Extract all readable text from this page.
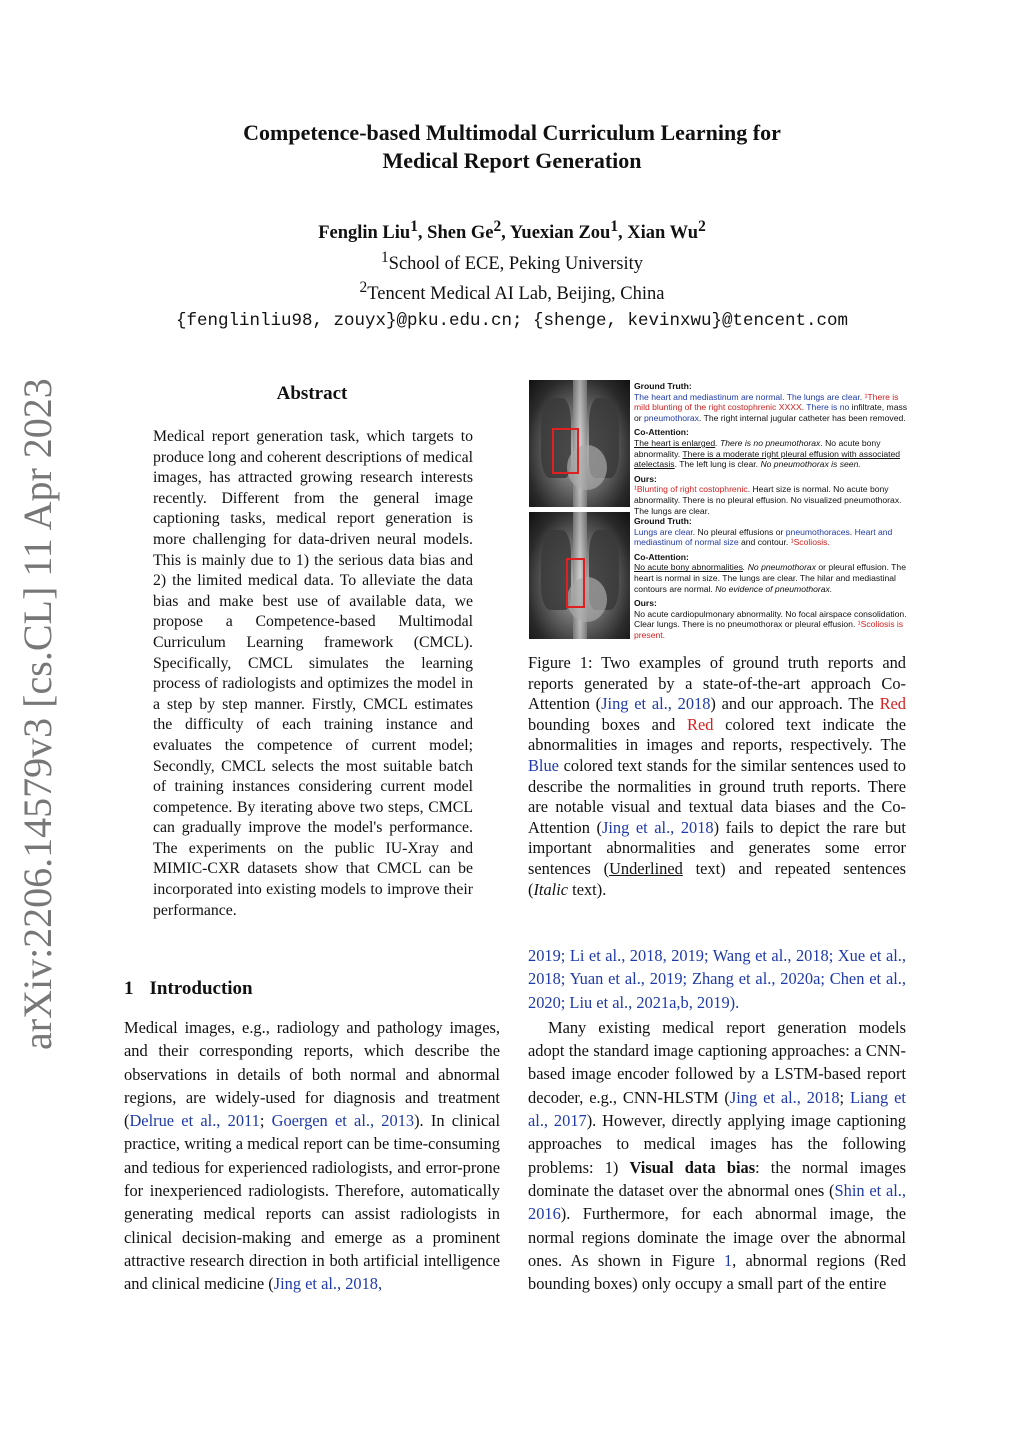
arXiv:2206.14579v3 [cs.CL] 11 Apr 2023
Competence-based Multimodal Curriculum Learning for
Medical Report Generation
Fenglin Liu$^1$, Shen Ge$^2$, Yuexian Zou$^1$, Xian Wu$^2$
$^1$School of ECE, Peking University
$^2$Tencent Medical AI Lab, Beijing, China
{fenglinliu98, zouyx}@pku.edu.cn; {shenge, kevinxwu}@tencent.com
Abstract
Medical report generation task, which targets to produce long and coherent descriptions of medical images, has attracted growing research interests recently. Different from the general image captioning tasks, medical report generation is more challenging for data-driven neural models. This is mainly due to 1) the serious data bias and 2) the limited medical data. To alleviate the data bias and make best use of available data, we propose a Competence-based Multimodal Curriculum Learning framework (CMCL). Specifically, CMCL simulates the learning process of radiologists and optimizes the model in a step by step manner. Firstly, CMCL estimates the difficulty of each training instance and evaluates the competence of current model; Secondly, CMCL selects the most suitable batch of training instances considering current model competence. By iterating above two steps, CMCL can gradually improve the model's performance. The experiments on the public IU-Xray and MIMIC-CXR datasets show that CMCL can be incorporated into existing models to improve their performance.
1 Introduction
Medical images, e.g., radiology and pathology images, and their corresponding reports, which describe the observations in details of both normal and abnormal regions, are widely-used for diagnosis and treatment (Delrue et al., 2011; Goergen et al., 2013). In clinical practice, writing a medical report can be time-consuming and tedious for experienced radiologists, and error-prone for inexperienced radiologists. Therefore, automatically generating medical reports can assist radiologists in clinical decision-making and emerge as a prominent attractive research direction in both artificial intelligence and clinical medicine (Jing et al., 2018,
Ground Truth:
The heart and mediastinum are normal. The lungs are clear. ¹There is mild blunting of the right costophrenic XXXX. There is no infiltrate, mass or pneumothorax. The right internal jugular catheter has been removed.
Co-Attention:
The heart is enlarged. There is no pneumothorax. No acute bony abnormality. There is a moderate right pleural effusion with associated atelectasis. The left lung is clear. No pneumothorax is seen.
Ours:
¹Blunting of right costophrenic. Heart size is normal. No acute bony abnormality. There is no pleural effusion. No visualized pneumothorax. The lungs are clear.
Ground Truth:
Lungs are clear. No pleural effusions or pneumothoraces. Heart and mediastinum of normal size and contour. ¹Scoliosis.
Co-Attention:
No acute bony abnormalities. No pneumothorax or pleural effusion. The heart is normal in size. The lungs are clear. The hilar and mediastinal contours are normal. No evidence of pneumothorax.
Ours:
No acute cardiopulmonary abnormality. No focal airspace consolidation. Clear lungs. There is no pneumothorax or pleural effusion. ¹Scoliosis is present.
Figure 1: Two examples of ground truth reports and reports generated by a state-of-the-art approach Co-Attention (Jing et al., 2018) and our approach. The Red bounding boxes and Red colored text indicate the abnormalities in images and reports, respectively. The Blue colored text stands for the similar sentences used to describe the normalities in ground truth reports. There are notable visual and textual data biases and the Co-Attention (Jing et al., 2018) fails to depict the rare but important abnormalities and generates some error sentences (Underlined text) and repeated sentences (Italic text).

2019; Li et al., 2018, 2019; Wang et al., 2018; Xue et al., 2018; Yuan et al., 2019; Zhang et al., 2020a; Chen et al., 2020; Liu et al., 2021a,b, 2019).

Many existing medical report generation models adopt the standard image captioning approaches: a CNN-based image encoder followed by a LSTM-based report decoder, e.g., CNN-HLSTM (Jing et al., 2018; Liang et al., 2017). However, directly applying image captioning approaches to medical images has the following problems: 1) Visual data bias: the normal images dominate the dataset over the abnormal ones (Shin et al., 2016). Furthermore, for each abnormal image, the normal regions dominate the image over the abnormal ones. As shown in Figure 1, abnormal regions (Red bounding boxes) only occupy a small part of the entire
